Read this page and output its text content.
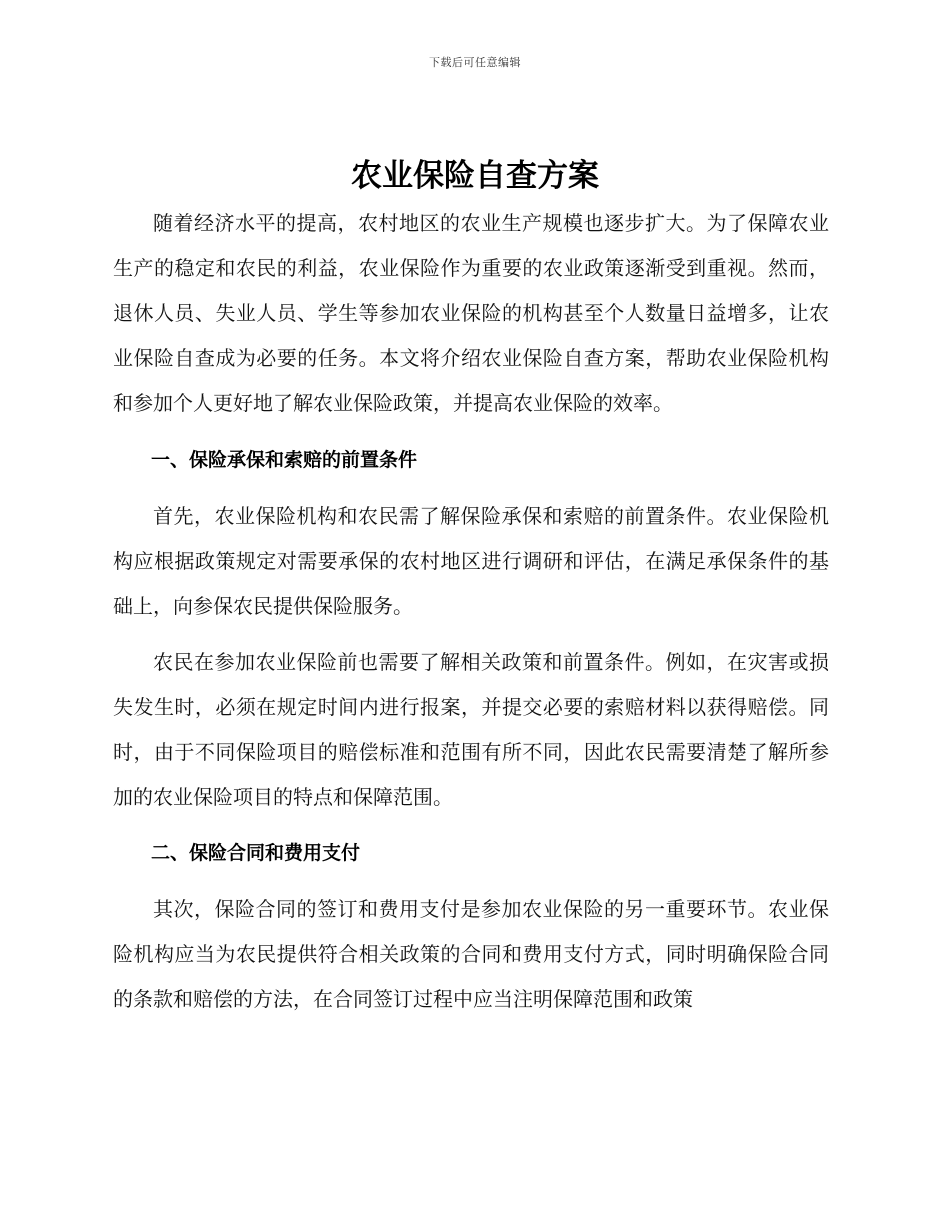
下载后可任意编辑
农业保险自查方案

随着经济水平的提高，农村地区的农业生产规模也逐步扩大。为了保障农业生产的稳定和农民的利益，农业保险作为重要的农业政策逐渐受到重视。然而，退休人员、失业人员、学生等参加农业保险的机构甚至个人数量日益增多，让农业保险自查成为必要的任务。本文将介绍农业保险自查方案，帮助农业保险机构和参加个人更好地了解农业保险政策，并提高农业保险的效率。

一、保险承保和索赔的前置条件

首先，农业保险机构和农民需了解保险承保和索赔的前置条件。农业保险机构应根据政策规定对需要承保的农村地区进行调研和评估，在满足承保条件的基础上，向参保农民提供保险服务。

农民在参加农业保险前也需要了解相关政策和前置条件。例如，在灾害或损失发生时，必须在规定时间内进行报案，并提交必要的索赔材料以获得赔偿。同时，由于不同保险项目的赔偿标准和范围有所不同，因此农民需要清楚了解所参加的农业保险项目的特点和保障范围。

二、保险合同和费用支付

其次，保险合同的签订和费用支付是参加农业保险的另一重要环节。农业保险机构应当为农民提供符合相关政策的合同和费用支付方式，同时明确保险合同的条款和赔偿的方法，在合同签订过程中应当注明保障范围和政策
